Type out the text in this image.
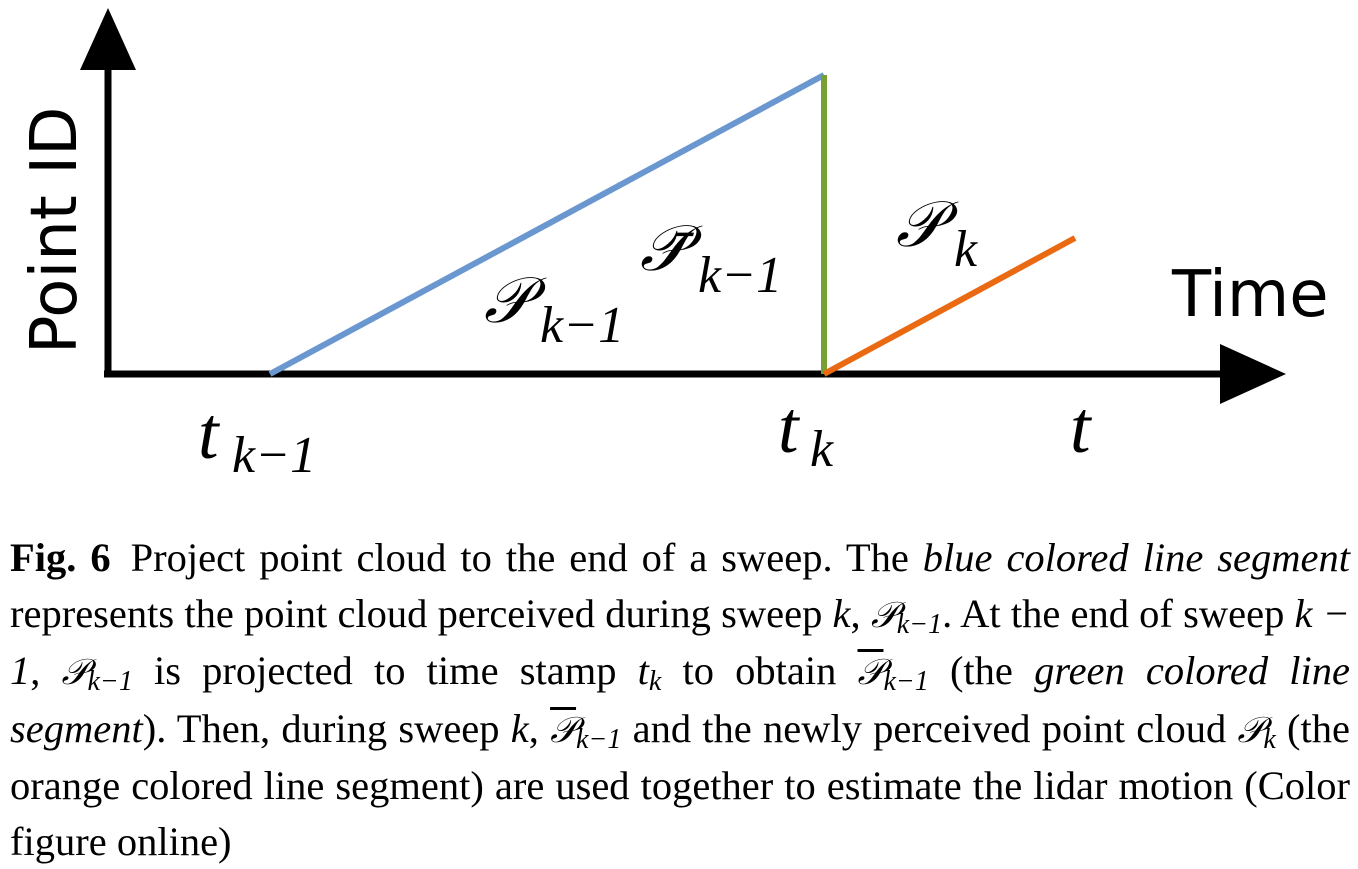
Point ID	Time
t k−1	t k	t
𝒫 k−1
𝒫̄ k−1
𝒫 k
Fig. 6 Project point cloud to the end of a sweep. The blue colored line segment represents the point cloud perceived during sweep k, 𝒫$_{k-1}$. At the end of sweep k − 1, 𝒫$_{k-1}$ is projected to time stamp $t_k$ to obtain 𝒫$_{k-1}$ (the green colored line segment). Then, during sweep k, 𝒫$_{k-1}$ and the newly perceived point cloud 𝒫$_k$ (the orange colored line segment) are used together to estimate the lidar motion (Color figure online)
